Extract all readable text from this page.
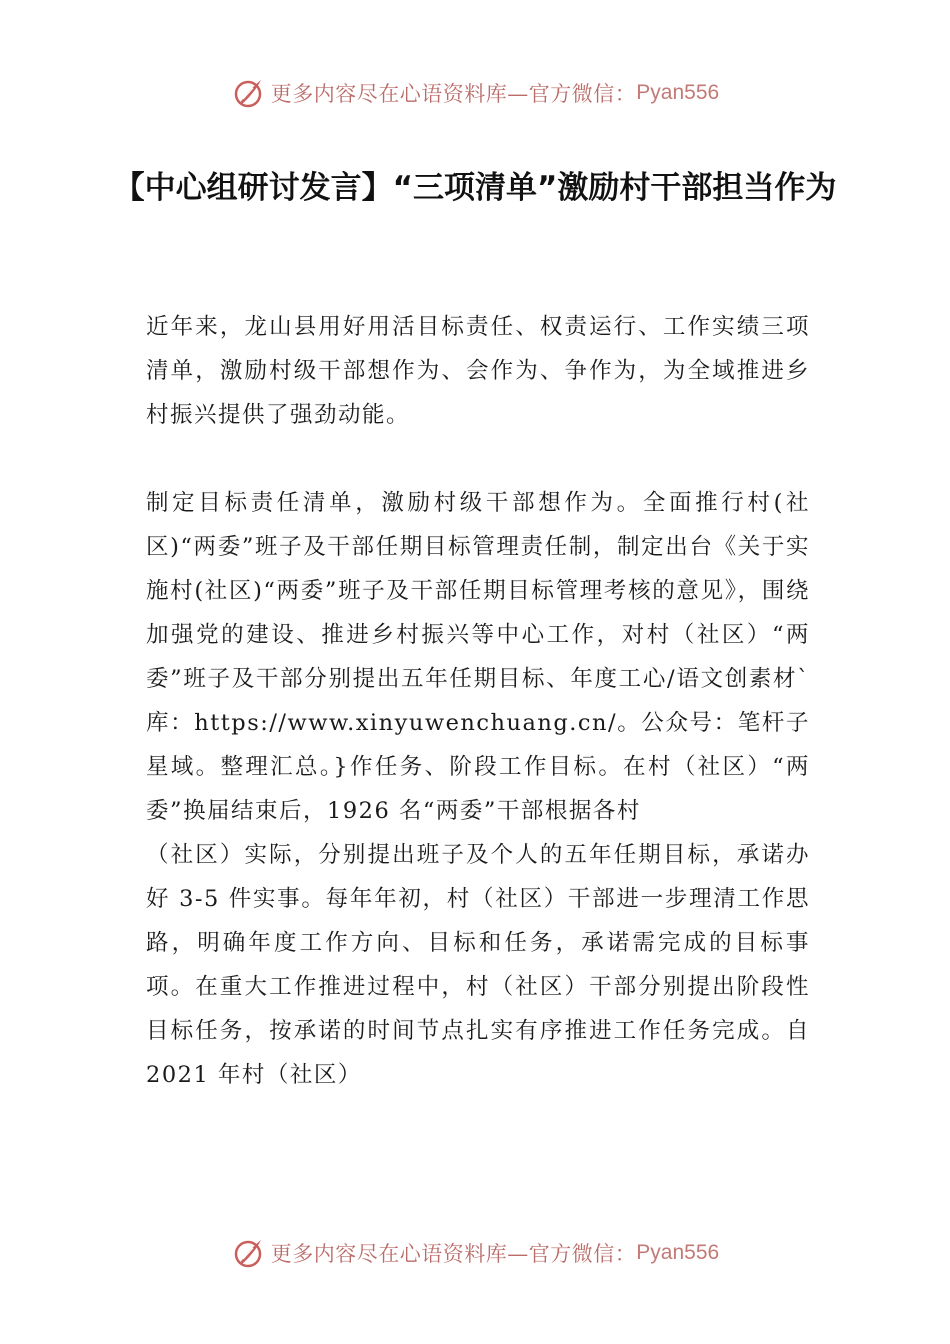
更多内容尽在心语资料库—官方微信： Pyan556
【中心组研讨发言】“三项清单”激励村干部担当作为

近年来，龙山县用好用活目标责任、权责运行、工作实绩三项清单，激励村级干部想作为、会作为、争作为，为全域推进乡村振兴提供了强劲动能。

制定目标责任清单，激励村级干部想作为。全面推行村(社区)“两委”班子及干部任期目标管理责任制，制定出台《关于实施村(社区)“两委”班子及干部任期目标管理考核的意见》，围绕加强党的建设、推进乡村振兴等中心工作，对村（社区）“两委”班子及干部分别提出五年任期目标、年度工心/语文创素材`库：https://www.xinyuwenchuang.cn/。公众号：笔杆子星域。整理汇总。}作任务、阶段工作目标。在村（社区）“两委”换届结束后，1926 名“两委”干部根据各村

（社区）实际，分别提出班子及个人的五年任期目标，承诺办好 3-5 件实事。每年年初，村（社区）干部进一步理清工作思路，明确年度工作方向、目标和任务，承诺需完成的目标事项。在重大工作推进过程中，村（社区）干部分别提出阶段性目标任务，按承诺的时间节点扎实有序推进工作任务完成。自 2021 年村（社区）

更多内容尽在心语资料库—官方微信： Pyan556
